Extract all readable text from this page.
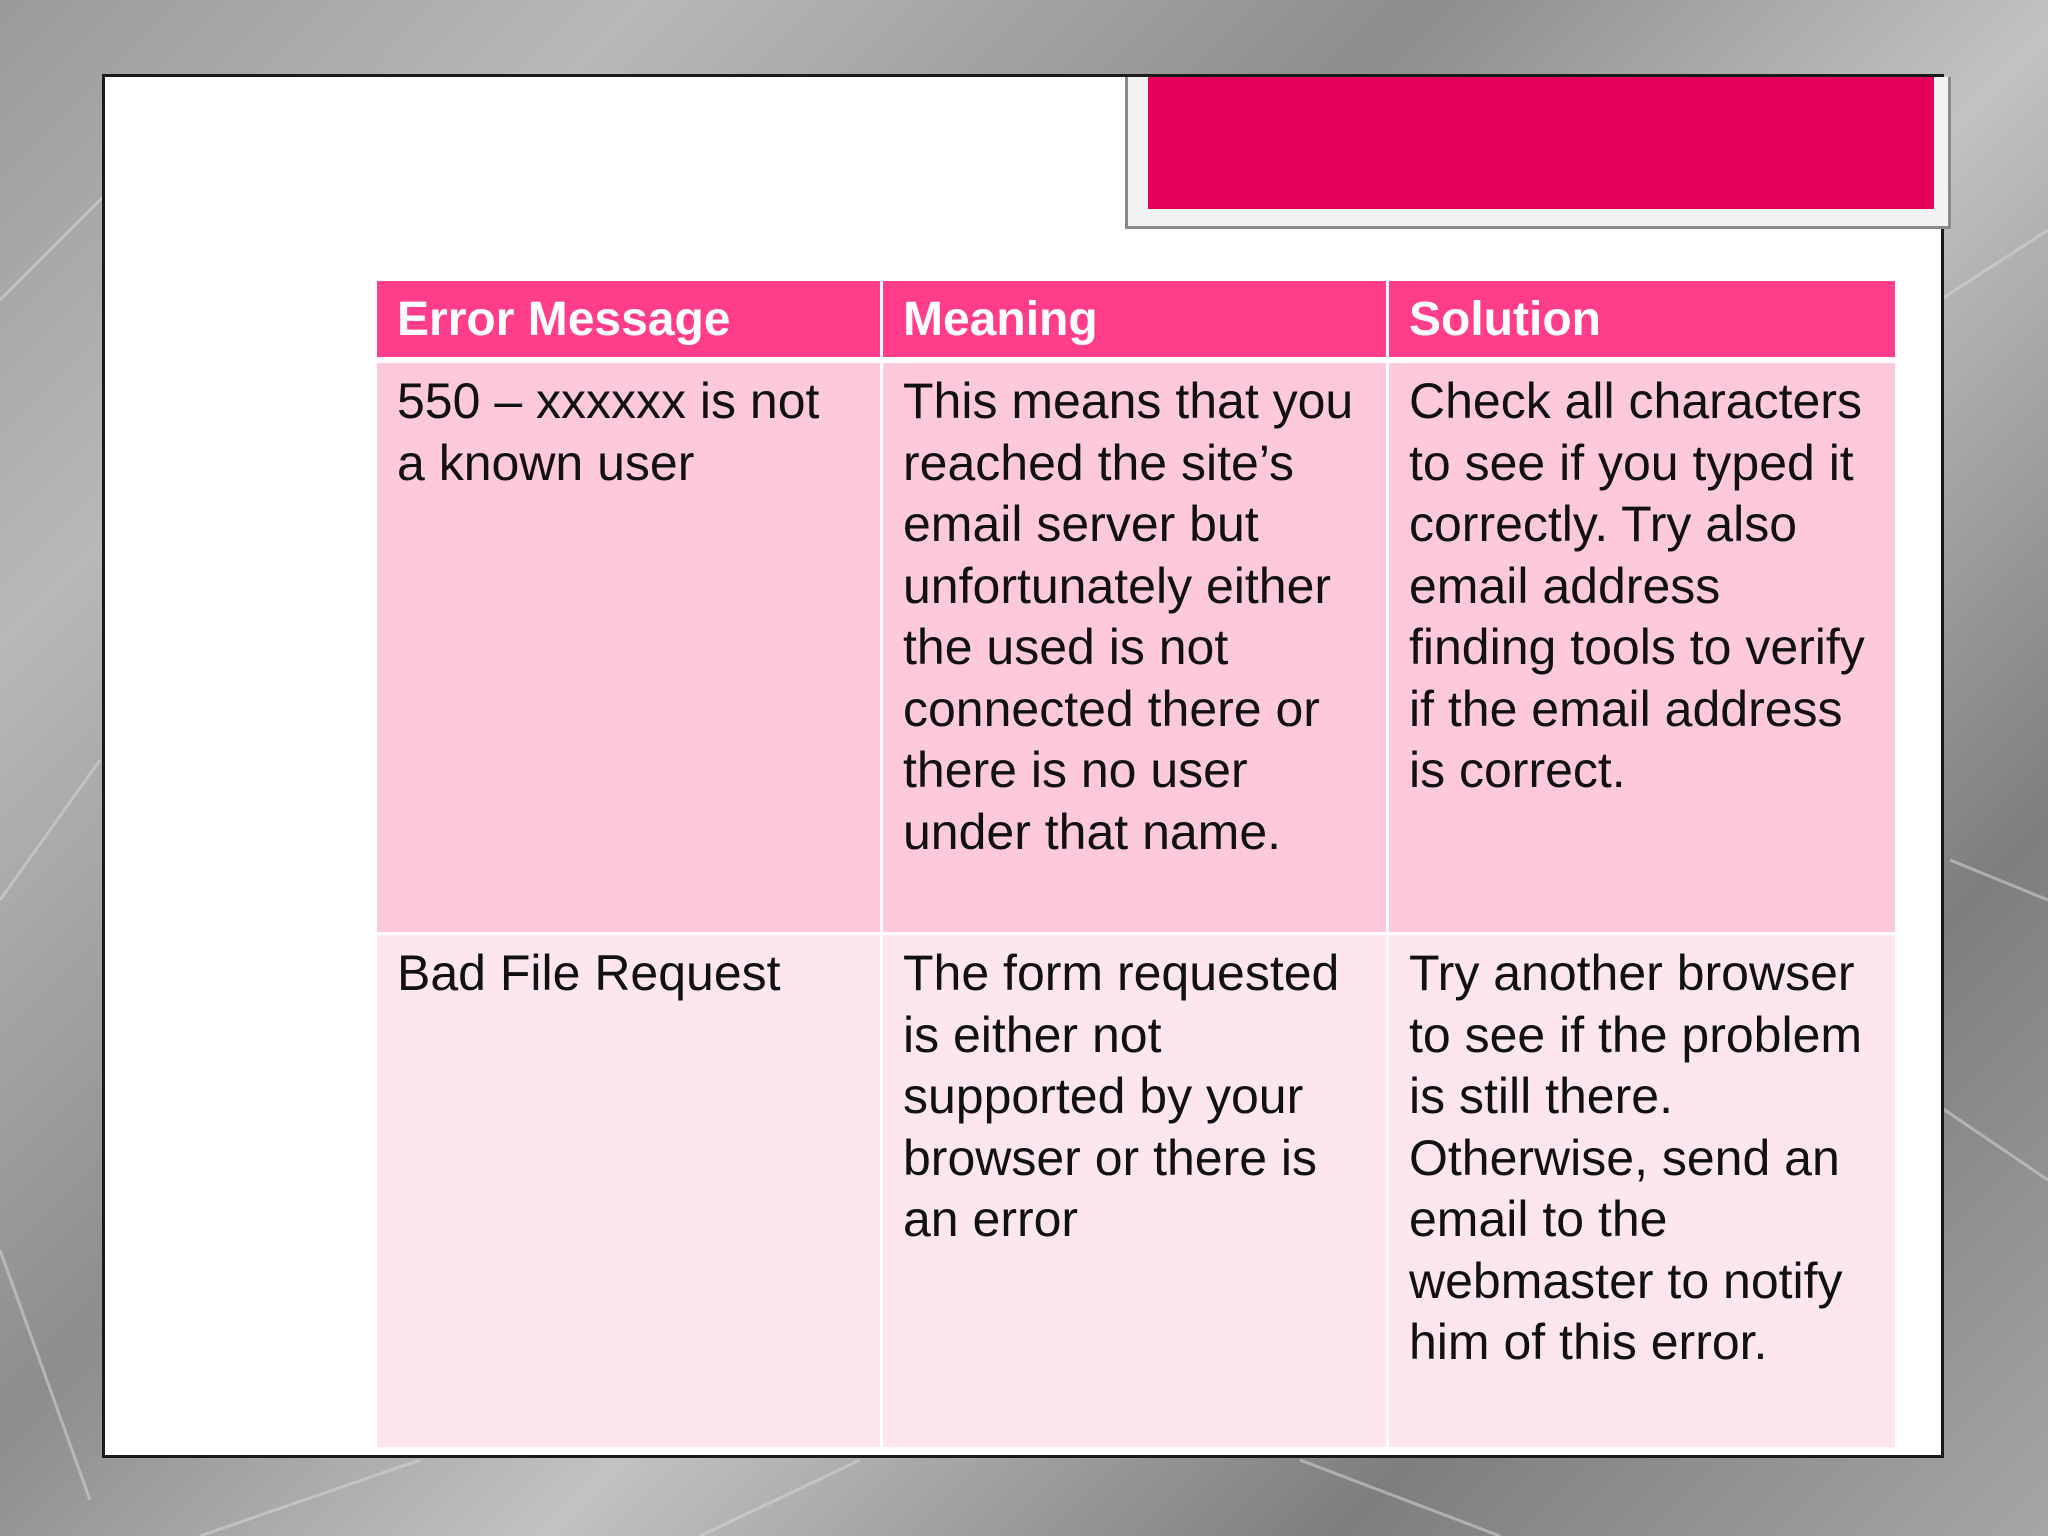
Error Message	Meaning	Solution
550 – xxxxxx is not a known user	This means that you reached the site’s email server but unfortunately either the used is not connected there or there is no user under that name.	Check all characters to see if you typed it correctly. Try also email address finding tools to verify if the email address is correct.
Bad File Request	The form requested is either not supported by your browser or there is an error	Try another browser to see if the problem is still there. Otherwise, send an email to the webmaster to notify him of this error.
